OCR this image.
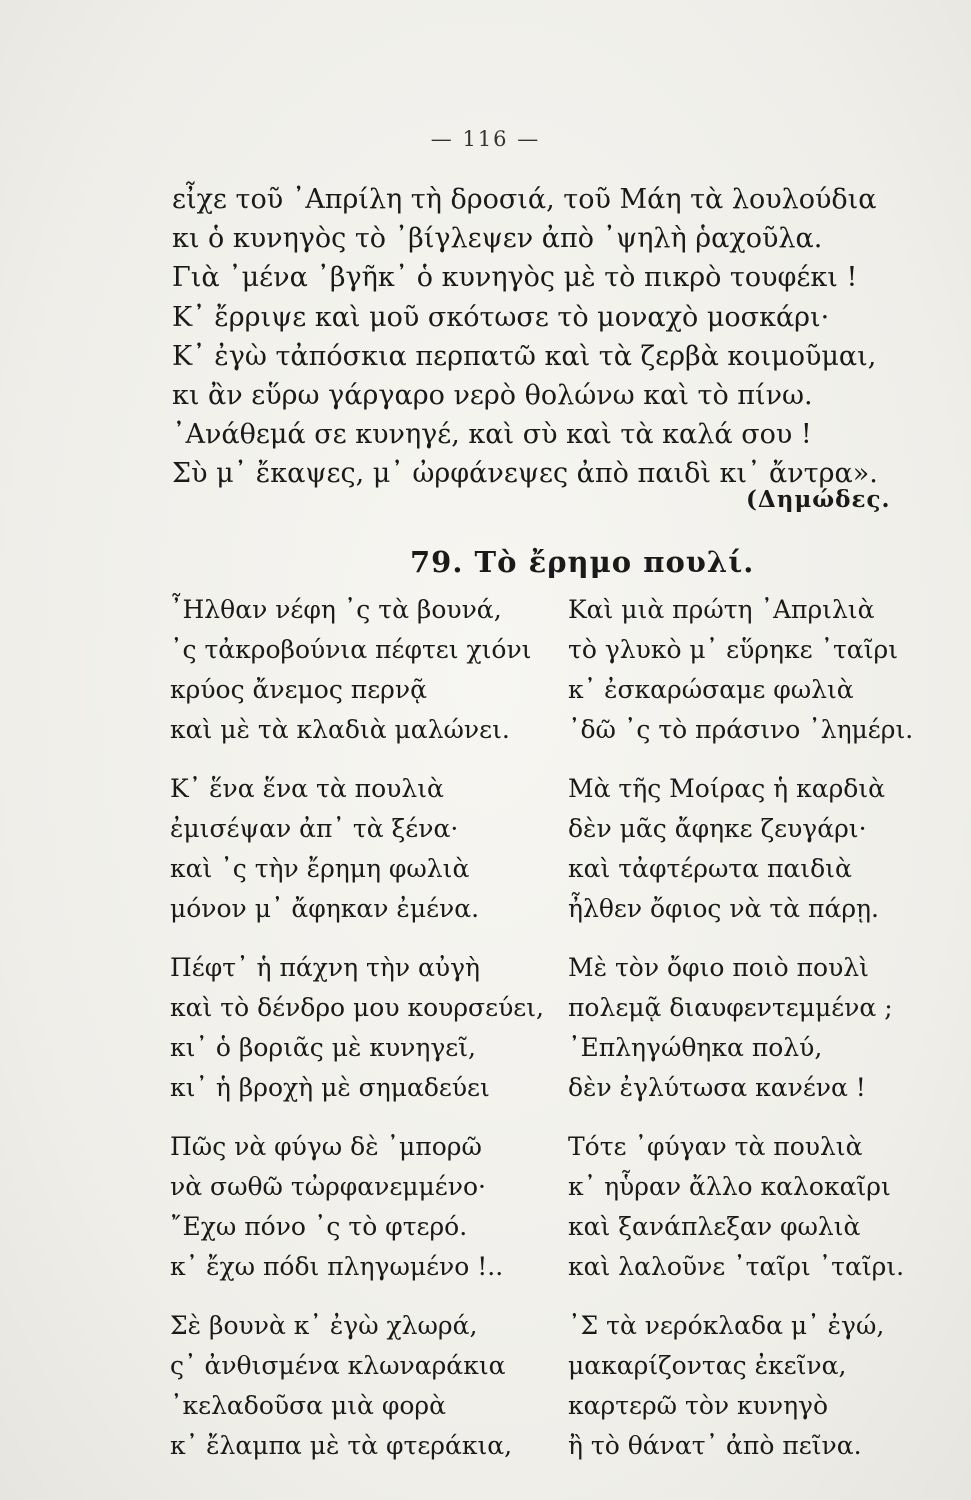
— 116 —
εἶχε τοῦ ᾿Απρίλη τὴ δροσιά, τοῦ Μάη τὰ λουλούδια
κι ὁ κυνηγὸς τὸ ᾿βίγλεψεν ἀπὸ ᾿ψηλὴ ῥαχοῦλα.
Γιὰ ᾿μένα ᾿βγῆκ᾿ ὁ κυνηγὸς μὲ τὸ πικρὸ τουφέκι !
Κ᾿ ἔρριψε καὶ μοῦ σκότωσε τὸ μοναχὸ μοσκάρι·
Κ᾿ ἐγὼ τἀπόσκια περπατῶ καὶ τὰ ζερβὰ κοιμοῦμαι,
κι ἂν εὕρω γάργαρο νερὸ θολώνω καὶ τὸ πίνω.
᾿Ανάθεμά σε κυνηγέ, καὶ σὺ καὶ τὰ καλά σου !
Σὺ μ᾿ ἔκαψες, μ᾿ ὠρφάνεψες ἀπὸ παιδὶ κι᾿ ἄντρα».
(Δημώδες.
79. Τὸ ἔρημο πουλί.
῏Ηλθαν νέφη ᾿ς τὰ βουνά,
᾿ς τἀκροβούνια πέφτει χιόνι
κρύος ἄνεμος περνᾷ
καὶ μὲ τὰ κλαδιὰ μαλώνει.
Κ᾿ ἕνα ἕνα τὰ πουλιὰ
ἐμισέψαν ἀπ᾿ τὰ ξένα·
καὶ ᾿ς τὴν ἔρημη φωλιὰ
μόνον μ᾿ ἄφηκαν ἐμένα.
Πέφτ᾿ ἡ πάχνη τὴν αὐγὴ
καὶ τὸ δένδρο μου κουρσεύει,
κι᾿ ὁ βοριᾶς μὲ κυνηγεῖ,
κι᾿ ἡ βροχὴ μὲ σημαδεύει
Πῶς νὰ φύγω δὲ ᾿μπορῶ
νὰ σωθῶ τὠρφανεμμένο·
῎Εχω πόνο ᾿ς τὸ φτερό.
κ᾿ ἔχω πόδι πληγωμένο !..
Σὲ βουνὰ κ᾿ ἐγὼ χλωρά,
ς᾿ ἀνθισμένα κλωναράκια
᾿κελαδοῦσα μιὰ φορὰ
κ᾿ ἔλαμπα μὲ τὰ φτεράκια,
Καὶ μιὰ πρώτη ᾿Απριλιὰ
τὸ γλυκὸ μ᾿ εὕρηκε ᾿ταῖρι
κ᾿ ἐσκαρώσαμε φωλιὰ
᾿δῶ ᾿ς τὸ πράσινο ᾿λημέρι.
Μὰ τῆς Μοίρας ἡ καρδιὰ
δὲν μᾶς ἄφηκε ζευγάρι·
καὶ τἀφτέρωτα παιδιὰ
ἦλθεν ὄφιος νὰ τὰ πάρῃ.
Μὲ τὸν ὄφιο ποιὸ πουλὶ
πολεμᾷ διαυφεντεμμένα ;
᾿Επληγώθηκα πολύ,
δὲν ἐγλύτωσα κανένα !
Τότε ᾿φύγαν τὰ πουλιὰ
κ᾿ ηὗραν ἄλλο καλοκαῖρι
καὶ ξανάπλεξαν φωλιὰ
καὶ λαλοῦνε ᾿ταῖρι ᾿ταῖρι.
᾿Σ τὰ νερόκλαδα μ᾿ ἐγώ,
μακαρίζοντας ἐκεῖνα,
καρτερῶ τὸν κυνηγὸ
ἢ τὸ θάνατ᾿ ἀπὸ πεῖνα.
